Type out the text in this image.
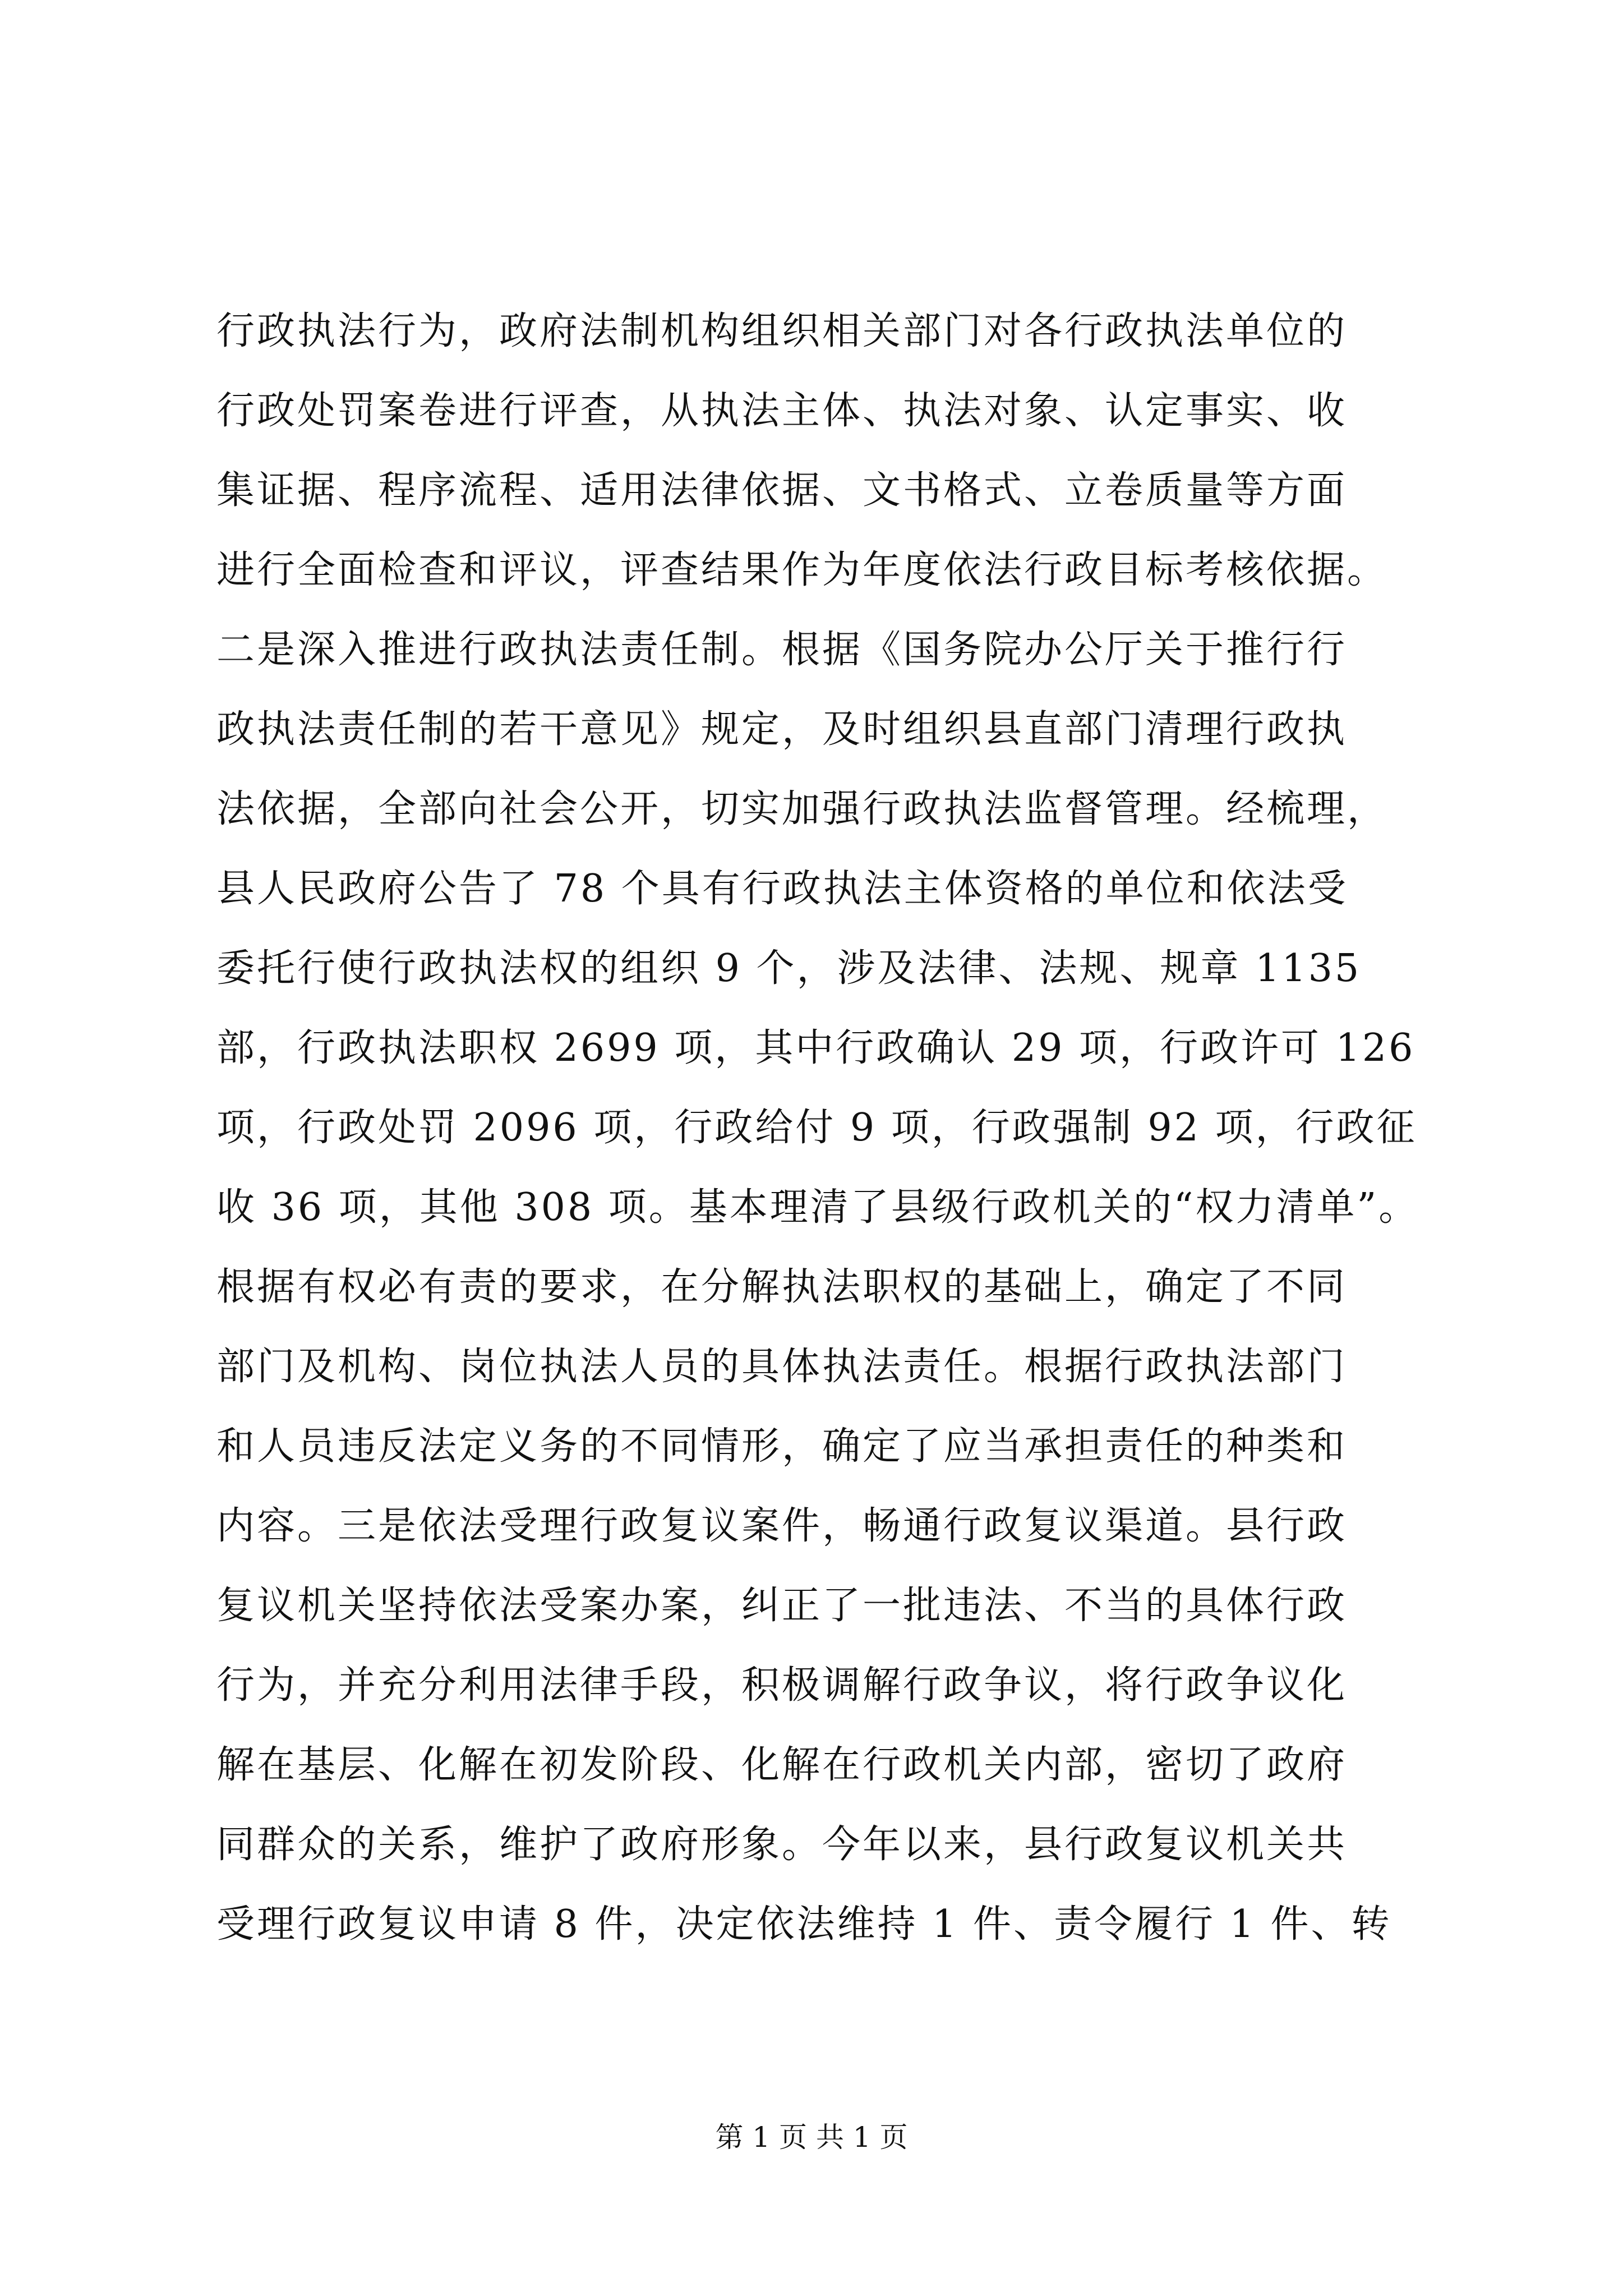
行政执法行为，政府法制机构组织相关部门对各行政执法单位的
行政处罚案卷进行评查，从执法主体、执法对象、认定事实、收
集证据、程序流程、适用法律依据、文书格式、立卷质量等方面
进行全面检查和评议，评查结果作为年度依法行政目标考核依据。
二是深入推进行政执法责任制。根据《国务院办公厅关于推行行
政执法责任制的若干意见》规定，及时组织县直部门清理行政执
法依据，全部向社会公开，切实加强行政执法监督管理。经梳理，
县人民政府公告了 78 个具有行政执法主体资格的单位和依法受
委托行使行政执法权的组织 9 个，涉及法律、法规、规章 1135
部，行政执法职权 2699 项，其中行政确认 29 项，行政许可 126
项，行政处罚 2096 项，行政给付 9 项，行政强制 92 项，行政征
收 36 项，其他 308 项。基本理清了县级行政机关的“权力清单”。
根据有权必有责的要求，在分解执法职权的基础上，确定了不同
部门及机构、岗位执法人员的具体执法责任。根据行政执法部门
和人员违反法定义务的不同情形，确定了应当承担责任的种类和
内容。三是依法受理行政复议案件，畅通行政复议渠道。县行政
复议机关坚持依法受案办案，纠正了一批违法、不当的具体行政
行为，并充分利用法律手段，积极调解行政争议，将行政争议化
解在基层、化解在初发阶段、化解在行政机关内部，密切了政府
同群众的关系，维护了政府形象。今年以来，县行政复议机关共
受理行政复议申请 8 件，决定依法维持 1 件、责令履行 1 件、转
第 1 页 共 1 页
